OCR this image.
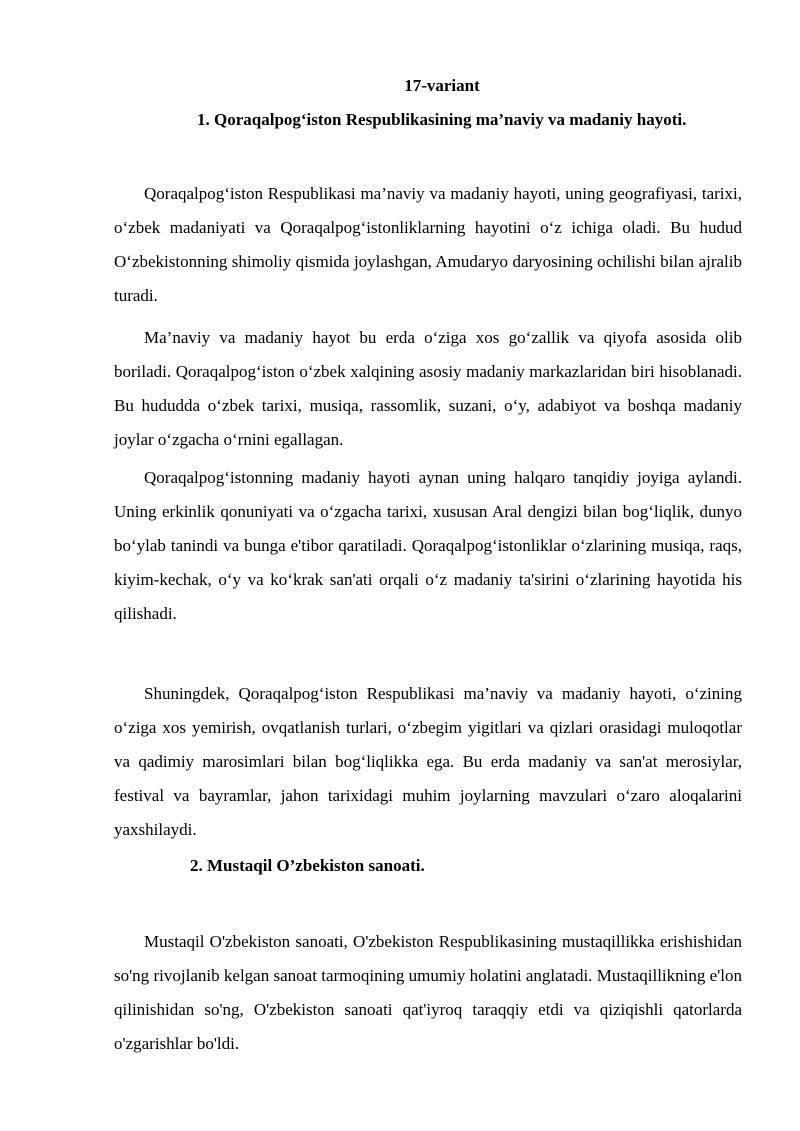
17-variant
1. Qoraqalpog‘iston Respublikasining ma’naviy va madaniy hayoti.

Qoraqalpog‘iston Respublikasi ma’naviy va madaniy hayoti, uning geografiyasi, tarixi, o‘zbek madaniyati va Qoraqalpog‘istonliklarning hayotini o‘z ichiga oladi. Bu hudud O‘zbekistonning shimoliy qismida joylashgan, Amudaryo daryosining ochilishi bilan ajralib turadi.

Ma’naviy va madaniy hayot bu erda o‘ziga xos go‘zallik va qiyofa asosida olib boriladi. Qoraqalpog‘iston o‘zbek xalqining asosiy madaniy markazlaridan biri hisoblanadi. Bu hududda o‘zbek tarixi, musiqa, rassomlik, suzani, o‘y, adabiyot va boshqa madaniy joylar o‘zgacha o‘rnini egallagan.

Qoraqalpog‘istonning madaniy hayoti aynan uning halqaro tanqidiy joyiga aylandi. Uning erkinlik qonuniyati va o‘zgacha tarixi, xususan Aral dengizi bilan bog‘liqlik, dunyo bo‘ylab tanindi va bunga e'tibor qaratiladi. Qoraqalpog‘istonliklar o‘zlarining musiqa, raqs, kiyim-kechak, o‘y va ko‘krak san'ati orqali o‘z madaniy ta'sirini o‘zlarining hayotida his qilishadi.

Shuningdek, Qoraqalpog‘iston Respublikasi ma’naviy va madaniy hayoti, o‘zining o‘ziga xos yemirish, ovqatlanish turlari, o‘zbegim yigitlari va qizlari orasidagi muloqotlar va qadimiy marosimlari bilan bog‘liqlikka ega. Bu erda madaniy va san'at merosiylar, festival va bayramlar, jahon tarixidagi muhim joylarning mavzulari o‘zaro aloqalarini yaxshilaydi.

2. Mustaqil O’zbekiston sanoati.

Mustaqil O'zbekiston sanoati, O'zbekiston Respublikasining mustaqillikka erishishidan so'ng rivojlanib kelgan sanoat tarmoqining umumiy holatini anglatadi. Mustaqillikning e'lon qilinishidan so'ng, O'zbekiston sanoati qat'iyroq taraqqiy etdi va qiziqishli qatorlarda o'zgarishlar bo'ldi.
